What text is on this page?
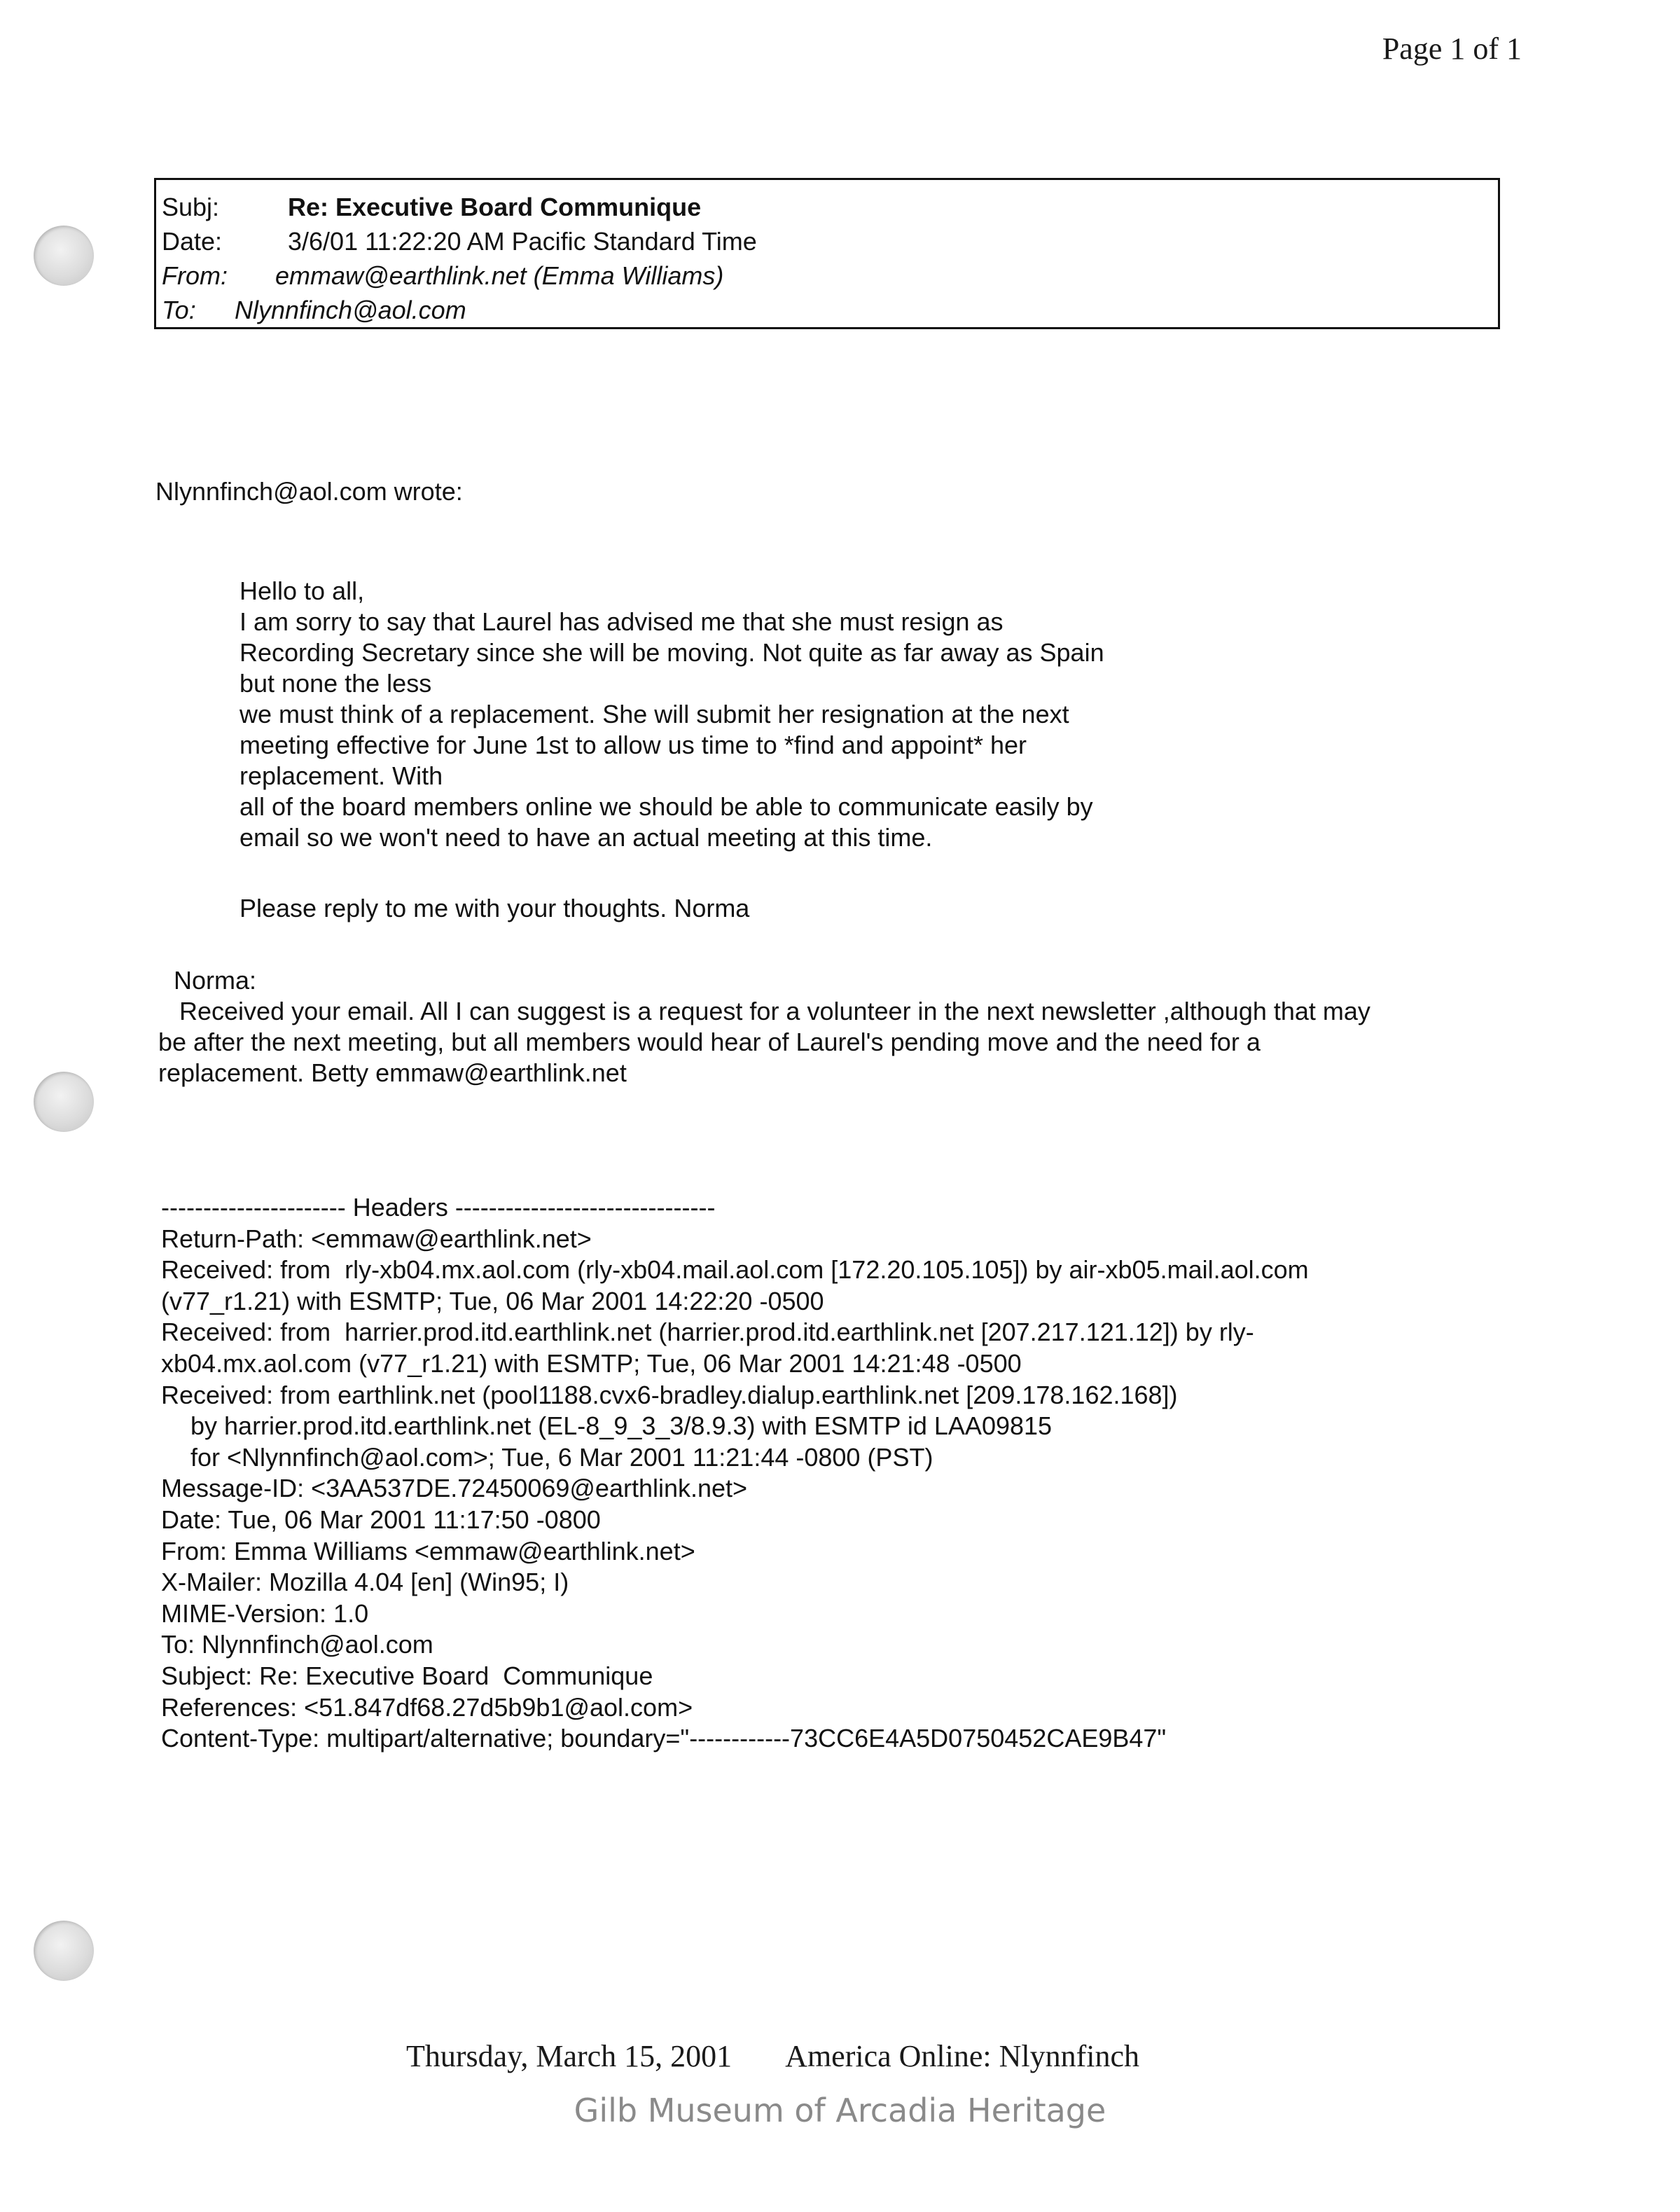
Page 1 of 1
Subj:	Re: Executive Board Communique
Date:	3/6/01 11:22:20 AM Pacific Standard Time
From:	emmaw@earthlink.net (Emma Williams)
To:	Nlynnfinch@aol.com
Nlynnfinch@aol.com wrote:
Hello to all,
I am sorry to say that Laurel has advised me that she must resign as
Recording Secretary since she will be moving. Not quite as far away as Spain
but none the less
we must think of a replacement. She will submit her resignation at the next
meeting effective for June 1st to allow us time to *find and appoint* her
replacement. With
all of the board members online we should be able to communicate easily by
email so we won't need to have an actual meeting at this time.
Please reply to me with your thoughts. Norma
Norma:
Received your email. All I can suggest is a request for a volunteer in the next newsletter ,although that may
be after the next meeting, but all members would hear of Laurel's pending move and the need for a
replacement. Betty emmaw@earthlink.net
---------------------- Headers -------------------------------
Return-Path: <emmaw@earthlink.net>
Received: from  rly-xb04.mx.aol.com (rly-xb04.mail.aol.com [172.20.105.105]) by air-xb05.mail.aol.com
(v77_r1.21) with ESMTP; Tue, 06 Mar 2001 14:22:20 -0500
Received: from  harrier.prod.itd.earthlink.net (harrier.prod.itd.earthlink.net [207.217.121.12]) by rly-
xb04.mx.aol.com (v77_r1.21) with ESMTP; Tue, 06 Mar 2001 14:21:48 -0500
Received: from earthlink.net (pool1188.cvx6-bradley.dialup.earthlink.net [209.178.162.168])
by harrier.prod.itd.earthlink.net (EL-8_9_3_3/8.9.3) with ESMTP id LAA09815
for <Nlynnfinch@aol.com>; Tue, 6 Mar 2001 11:21:44 -0800 (PST)
Message-ID: <3AA537DE.72450069@earthlink.net>
Date: Tue, 06 Mar 2001 11:17:50 -0800
From: Emma Williams <emmaw@earthlink.net>
X-Mailer: Mozilla 4.04 [en] (Win95; I)
MIME-Version: 1.0
To: Nlynnfinch@aol.com
Subject: Re: Executive Board  Communique
References: <51.847df68.27d5b9b1@aol.com>
Content-Type: multipart/alternative; boundary="------------73CC6E4A5D0750452CAE9B47"
Thursday, March 15, 2001 America Online: Nlynnfinch
Gilb Museum of Arcadia Heritage
